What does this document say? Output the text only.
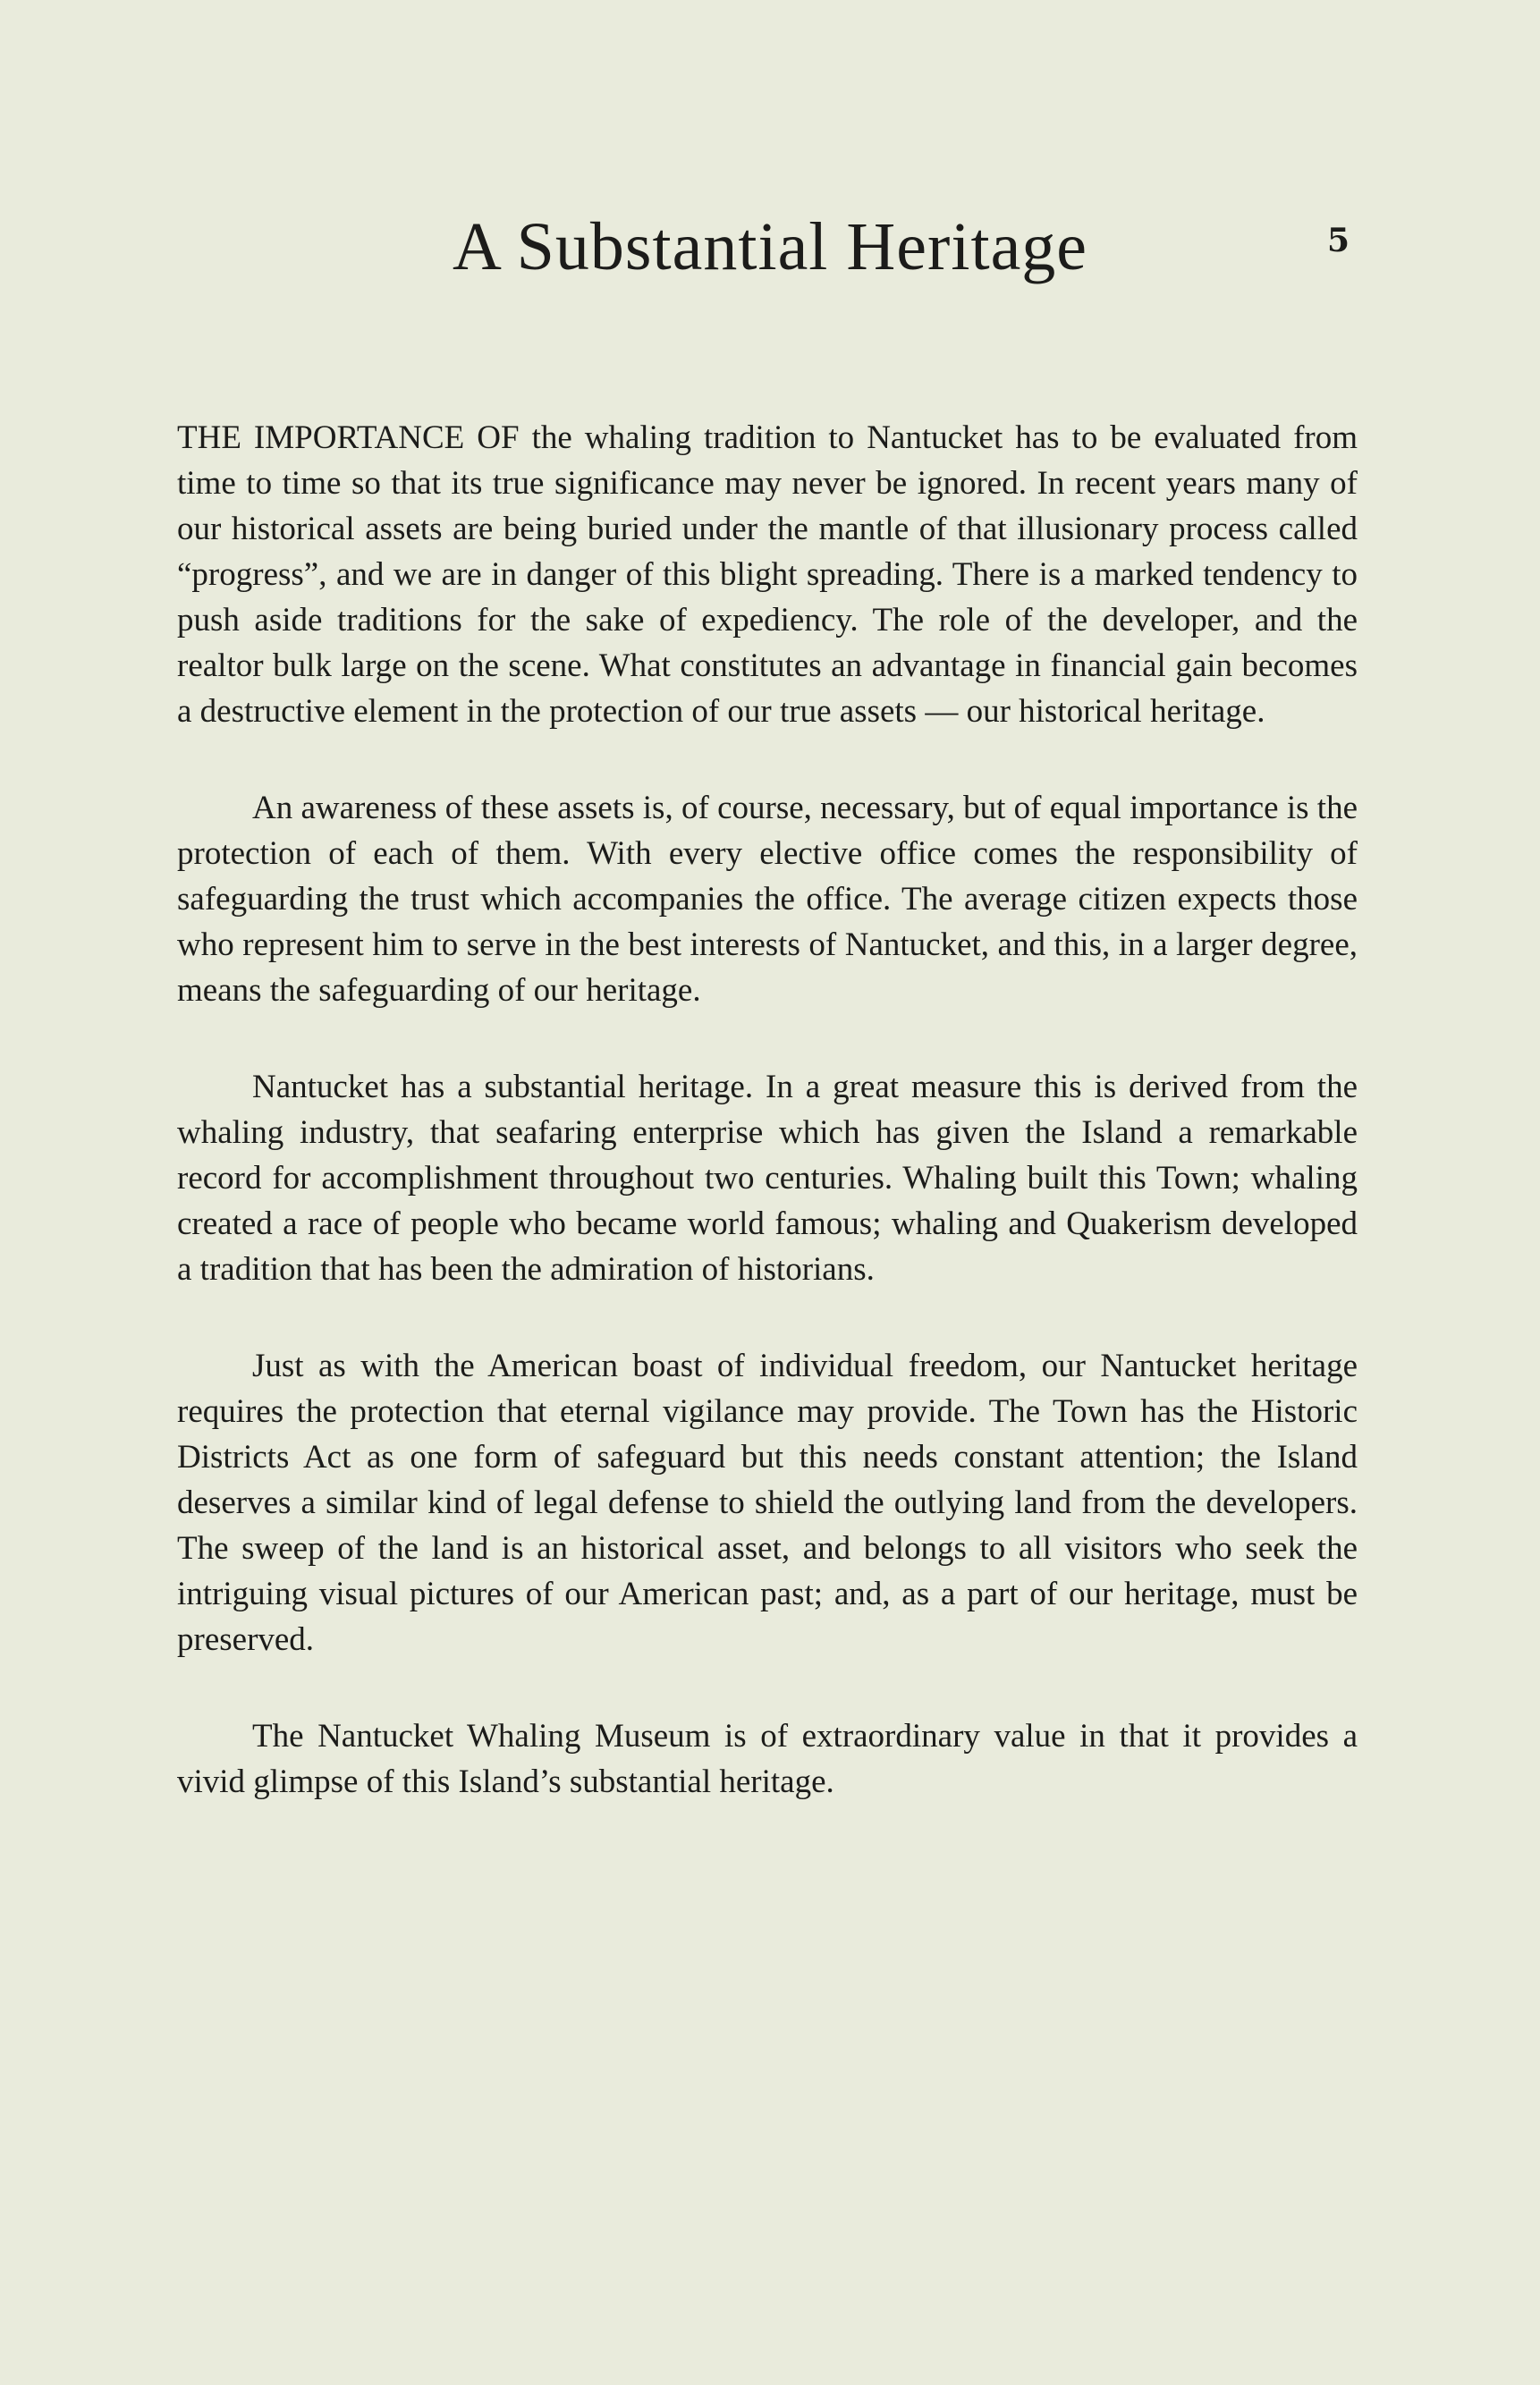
A Substantial Heritage	5

THE IMPORTANCE OF the whaling tradition to Nantucket has to be evaluated from time to time so that its true significance may never be ignored. In recent years many of our historical assets are being buried under the mantle of that illusionary process called “progress”, and we are in danger of this blight spreading. There is a marked tendency to push aside traditions for the sake of expediency. The role of the developer, and the realtor bulk large on the scene. What constitutes an advantage in financial gain becomes a destructive element in the protection of our true assets — our historical heritage.

An awareness of these assets is, of course, necessary, but of equal importance is the protection of each of them. With every elective office comes the responsibility of safeguarding the trust which accompanies the office. The average citizen expects those who represent him to serve in the best interests of Nantucket, and this, in a larger degree, means the safeguarding of our heritage.

Nantucket has a substantial heritage. In a great measure this is derived from the whaling industry, that seafaring enterprise which has given the Island a remarkable record for accomplishment throughout two centuries. Whaling built this Town; whaling created a race of people who became world famous; whaling and Quakerism developed a tradition that has been the admiration of historians.

Just as with the American boast of individual freedom, our Nantucket heritage requires the protection that eternal vigilance may provide. The Town has the Historic Districts Act as one form of safeguard but this needs constant attention; the Island deserves a similar kind of legal defense to shield the outlying land from the developers. The sweep of the land is an historical asset, and belongs to all visitors who seek the intriguing visual pictures of our American past; and, as a part of our heritage, must be preserved.

The Nantucket Whaling Museum is of extraordinary value in that it provides a vivid glimpse of this Island’s substantial heritage.
